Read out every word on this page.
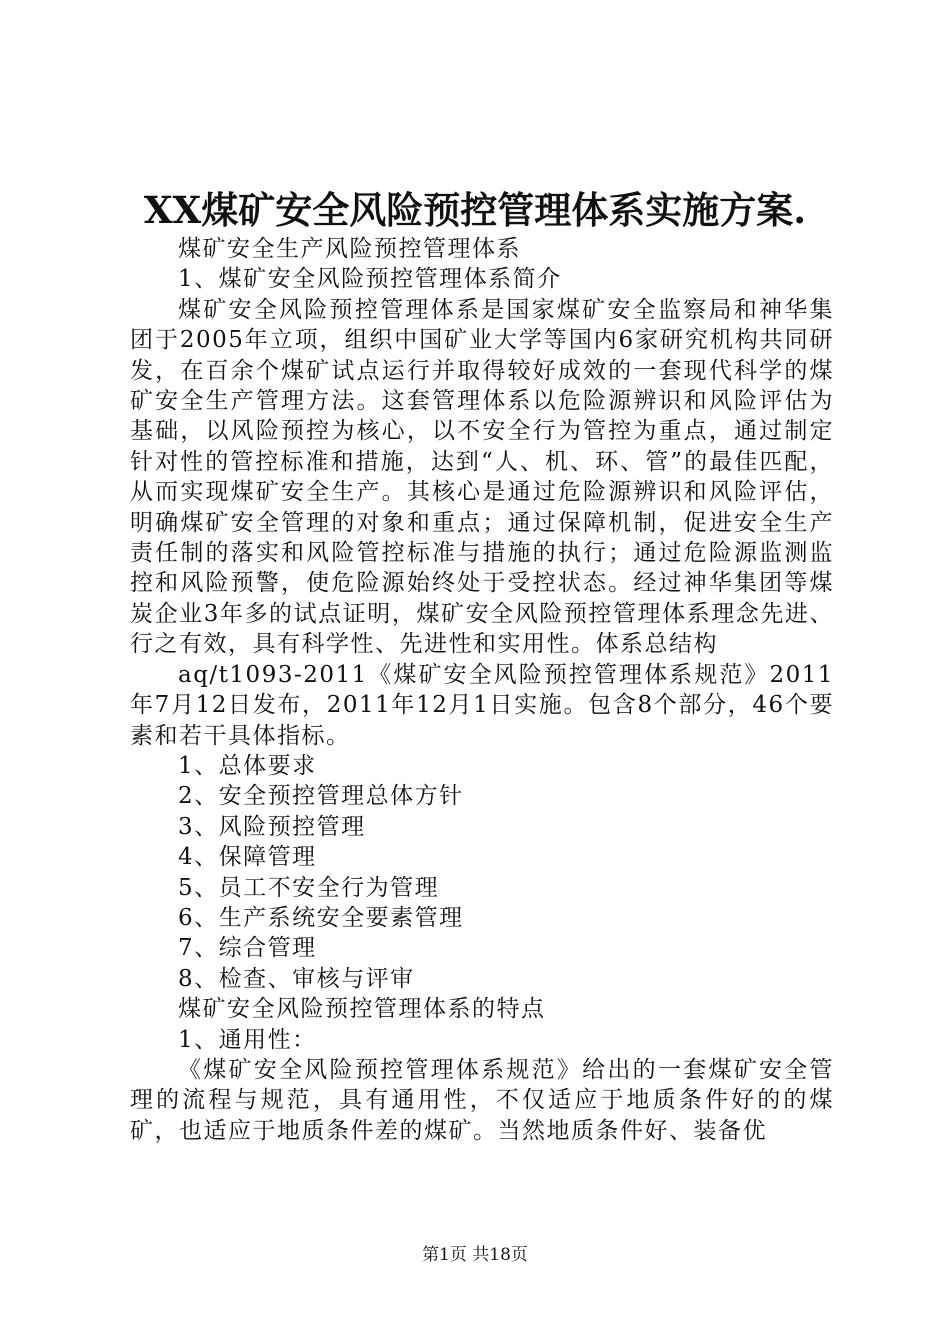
XX煤矿安全风险预控管理体系实施方案.

煤矿安全生产风险预控管理体系

1、煤矿安全风险预控管理体系简介

煤矿安全风险预控管理体系是国家煤矿安全监察局和神华集团于2005年立项，组织中国矿业大学等国内6家研究机构共同研发，在百余个煤矿试点运行并取得较好成效的一套现代科学的煤矿安全生产管理方法。这套管理体系以危险源辨识和风险评估为基础，以风险预控为核心，以不安全行为管控为重点，通过制定针对性的管控标准和措施，达到“人、机、环、管”的最佳匹配，从而实现煤矿安全生产。其核心是通过危险源辨识和风险评估，明确煤矿安全管理的对象和重点；通过保障机制，促进安全生产责任制的落实和风险管控标准与措施的执行；通过危险源监测监控和风险预警，使危险源始终处于受控状态。经过神华集团等煤炭企业3年多的试点证明，煤矿安全风险预控管理体系理念先进、行之有效，具有科学性、先进性和实用性。体系总结构

aq/t1093-2011《煤矿安全风险预控管理体系规范》2011年7月12日发布，2011年12月1日实施。包含8个部分，46个要素和若干具体指标。

1、总体要求

2、安全预控管理总体方针

3、风险预控管理

4、保障管理

5、员工不安全行为管理

6、生产系统安全要素管理

7、综合管理

8、检查、审核与评审

煤矿安全风险预控管理体系的特点

1、通用性：

《煤矿安全风险预控管理体系规范》给出的一套煤矿安全管理的流程与规范，具有通用性，不仅适应于地质条件好的的煤矿，也适应于地质条件差的煤矿。当然地质条件好、装备优

第1页 共18页
